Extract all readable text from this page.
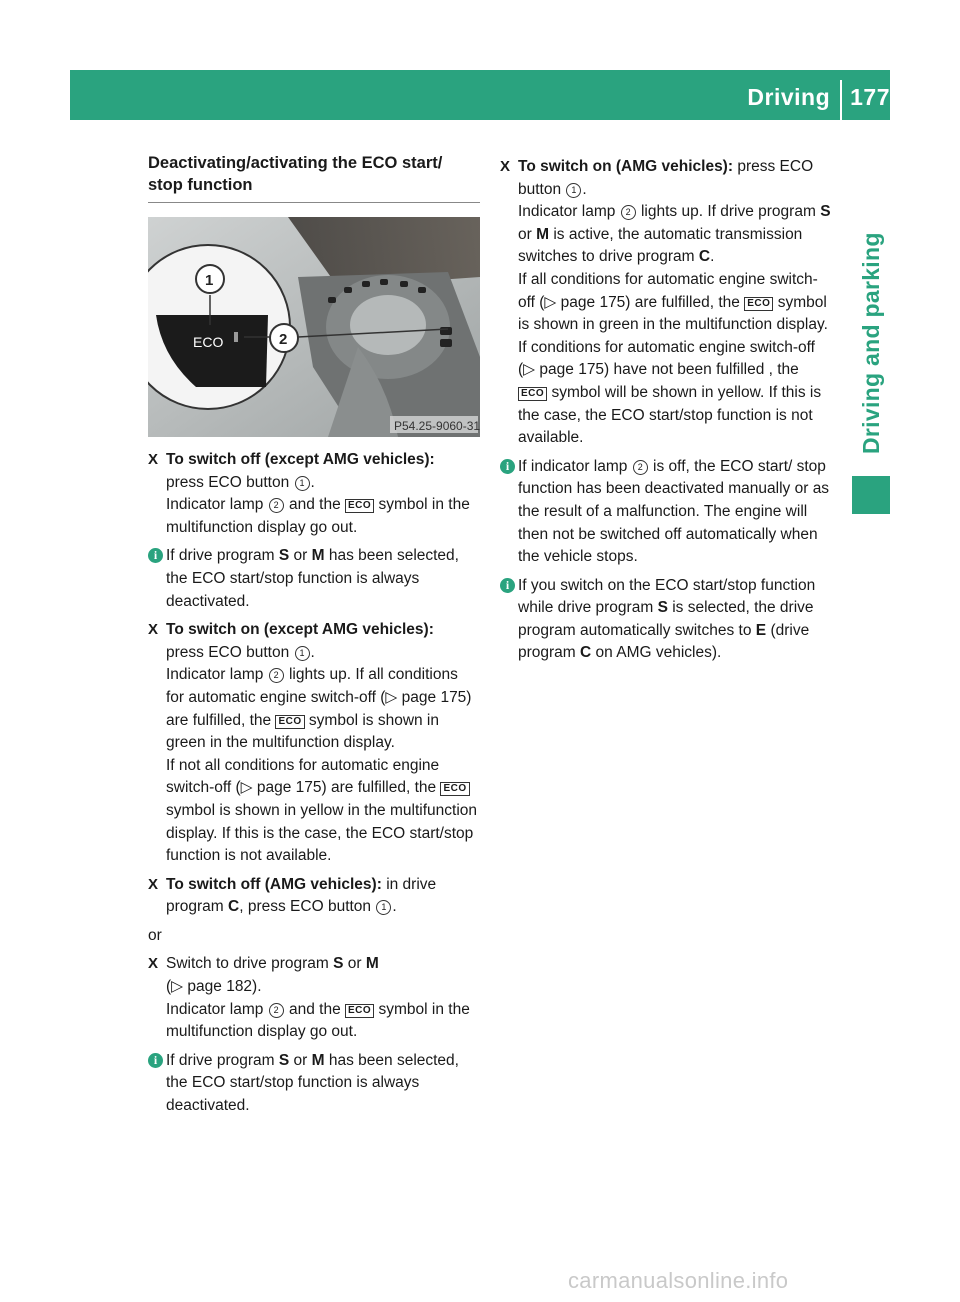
Driving 177
Driving and parking
Deactivating/activating the ECO start/ stop function
ECO
1
2
P54.25-9060-31
X To switch off (except AMG vehicles):
press ECO button 1 .

Indicator lamp 2 and the ECO symbol in the multifunction display go out.

i If drive program S or M has been selected, the ECO start/stop function is always deactivated.

X To switch on (except AMG vehicles):
press ECO button 1 .

Indicator lamp 2 lights up. If all conditions for automatic engine switch-off (▷ page 175) are fulfilled, the ECO symbol is shown in green in the multifunction display.

If not all conditions for automatic engine switch-off (▷ page 175) are fulfilled, the ECO symbol is shown in yellow in the multifunction display. If this is the case, the ECO start/stop function is not available.

X To switch off (AMG vehicles): in drive program C, press ECO button 1 .

or
X Switch to drive program S or M
(▷ page 182).
Indicator lamp 2 and the ECO symbol in the multifunction display go out.

i If drive program S or M has been selected, the ECO start/stop function is always deactivated.

X To switch on (AMG vehicles): press ECO button 1 .

Indicator lamp 2 lights up. If drive program S or M is active, the automatic transmission switches to drive program C.

If all conditions for automatic engine switch-off (▷ page 175) are fulfilled, the ECO symbol is shown in green in the multifunction display.

If conditions for automatic engine switch-off (▷ page 175) have not been fulfilled , the ECO symbol will be shown in yellow. If this is the case, the ECO start/stop function is not available.

i If indicator lamp 2 is off, the ECO start/ stop function has been deactivated manually or as the result of a malfunction. The engine will then not be switched off automatically when the vehicle stops.

i If you switch on the ECO start/stop function while drive program S is selected, the drive program automatically switches to E (drive program C on AMG vehicles).

carmanualsonline.info
